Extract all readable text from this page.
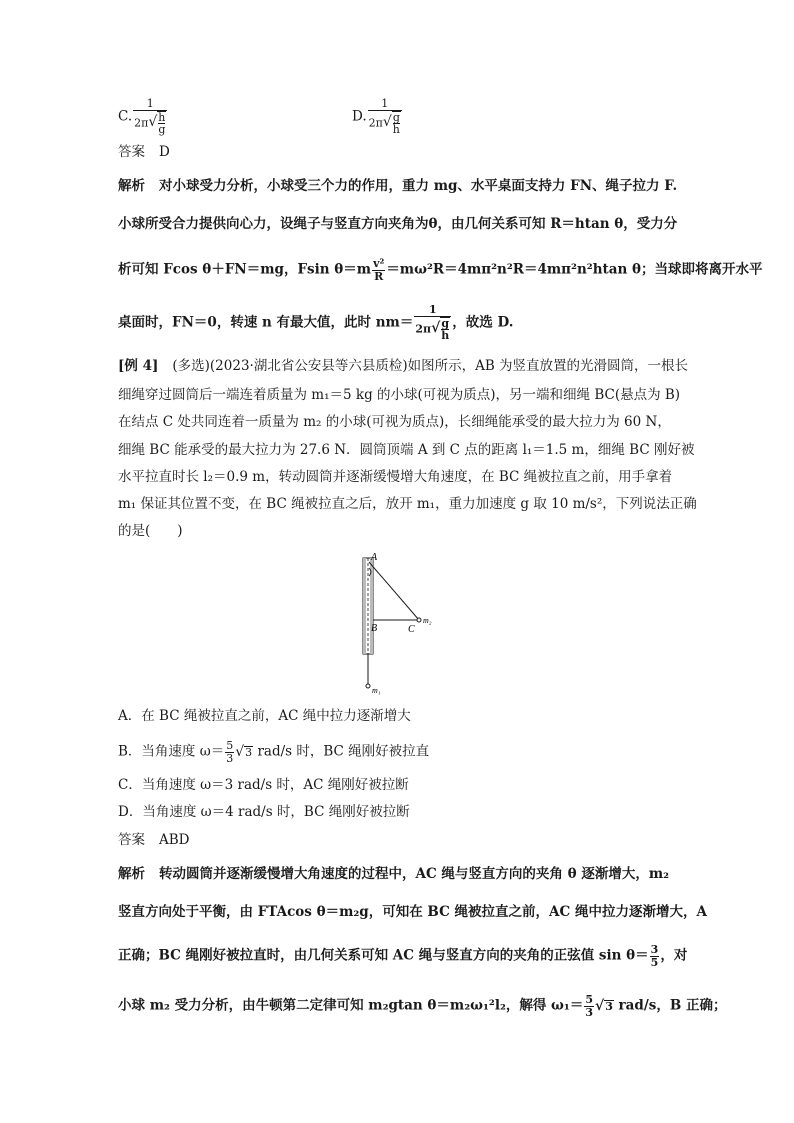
C. $\frac{1}{2\pi√ \frac{h}{g}}$	D. $\frac{1}{2\pi√ \frac{g}{h}}$
答案 D
解析 对小球受力分析，小球受三个力的作用，重力 mg、水平桌面支持力 FN、绳子拉力 F.
小球所受合力提供向心力，设绳子与竖直方向夹角为θ，由几何关系可知 R＝htan θ，受力分
析可知 Fcos θ＋FN＝mg，Fsin $\theta=m \frac{\text{v²}}{R} =m\omega^2R=4m\pi^2n^2R=4m\pi^2n^2htan$ θ；当球即将离开水平
桌面时，FN＝0，转速 n 有最大值，此时 $nm= \frac{1}{2\pi√ \frac{g}{h}}$ ，故选 D.
[例 4] (多选)(2023·湖北省公安县等六县质检)如图所示，AB 为竖直放置的光滑圆筒，一根长
细绳穿过圆筒后一端连着质量为 m₁＝5 kg 的小球(可视为质点)，另一端和细绳 BC(悬点为 B)
在结点 C 处共同连着一质量为 m₂ 的小球(可视为质点)，长细绳能承受的最大拉力为 60 N，
细绳 BC 能承受的最大拉力为 27.6 N．圆筒顶端 A 到 C 点的距离 l₁＝1.5 m，细绳 BC 刚好被
水平拉直时长 l₂＝0.9 m，转动圆筒并逐渐缓慢增大角速度，在 BC 绳被拉直之前，用手拿着
m₁ 保证其位置不变，在 BC 绳被拉直之后，放开 m₁，重力加速度 g 取 10 m/s²，下列说法正确
的是(　　)
A
B	C
m₂
m₁
A．在 BC 绳被拉直之前，AC 绳中拉力逐渐增大
B．当角速度 $\omega= \frac{5}{3} √3$ rad/s 时，BC 绳刚好被拉直
C．当角速度 ω＝3 rad/s 时，AC 绳刚好被拉断
D．当角速度 ω＝4 rad/s 时，BC 绳刚好被拉断
答案 ABD
解析 转动圆筒并逐渐缓慢增大角速度的过程中，AC 绳与竖直方向的夹角 θ 逐渐增大，m₂
竖直方向处于平衡，由 FTAcos θ＝m₂g，可知在 BC 绳被拉直之前，AC 绳中拉力逐渐增大，A
正确；BC 绳刚好被拉直时，由几何关系可知 AC 绳与竖直方向的夹角的正弦值 $\sin \theta= \frac{3}{5}$ ，对
小球 m₂ 受力分析，由牛顿第二定律可知 m₂gtan θ＝m₂ω₁²l₂，解得 $\omega_1= \frac{5}{3} √3$ rad/s，B 正确；
